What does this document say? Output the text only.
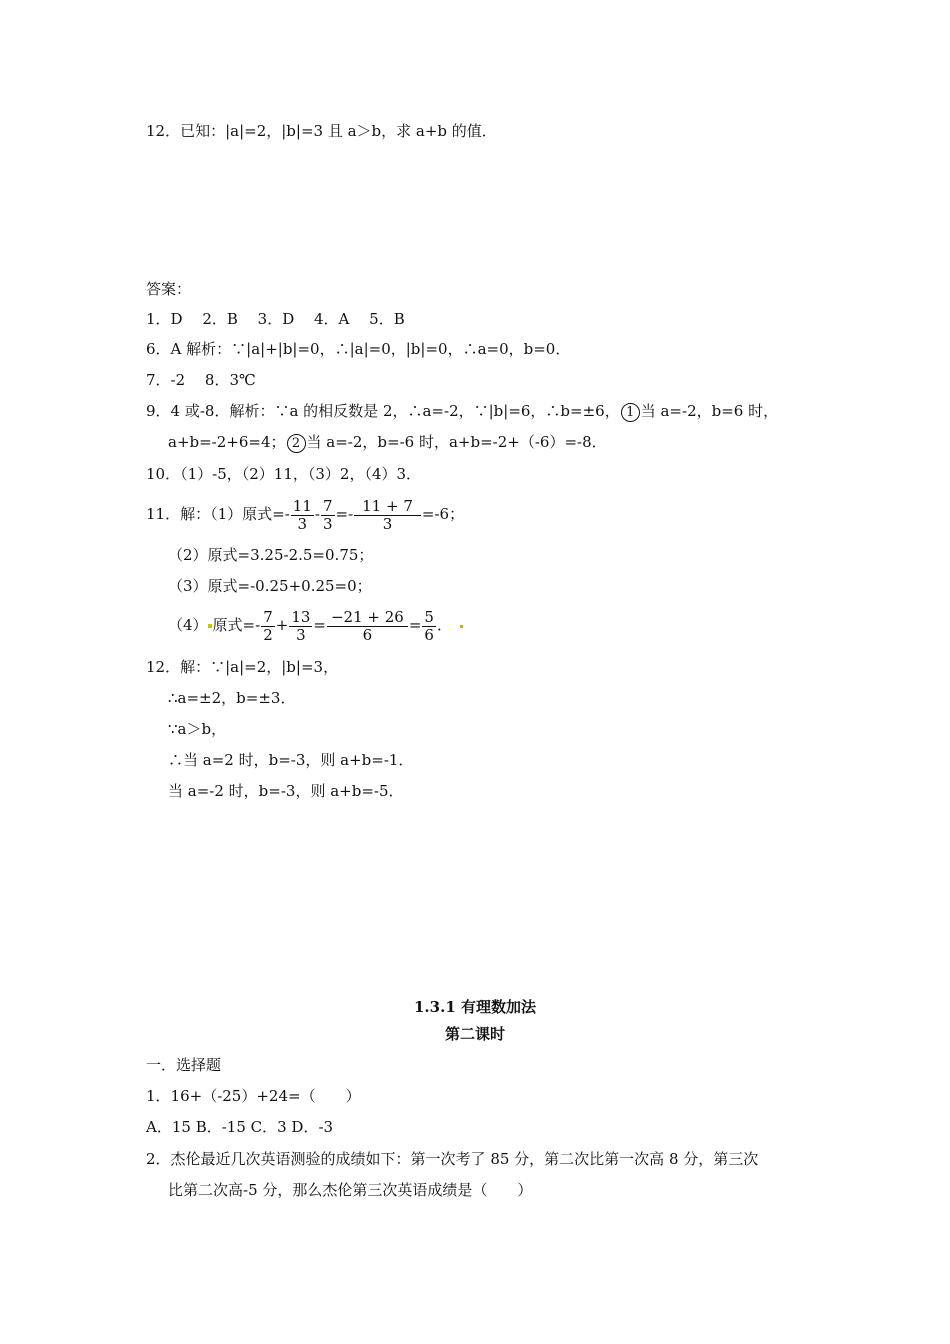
12．已知：|a|=2，|b|=3 且 a＞b，求 a+b 的值．
答案：
1．D　 2．B　 3．D　 4．A　 5．B
6．A 解析：∵|a|+|b|=0，∴|a|=0，|b|=0，∴a=0，b=0．
7．-2　 8．3℃
9．4 或-8．解析：∵a 的相反数是 2，∴a=-2，∵|b|=6，∴b=±6， 1 当 a=-2，b=6 时，
a+b=-2+6=4； 2 当 a=-2，b=-6 时，a+b=-2+（-6）=-8．
10．（1）-5，（2）11，（3）2，（4）3．
11．解：（1）原式=- $\frac{11}{3} - \frac{7}{3} =- \frac{11 + 7}{3} =-6$；
（2）原式=3.25-2.5=0.75；
（3）原式=-0.25+0.25=0；
（4） 原式=- $\frac{7}{2} + \frac{13}{3} = \frac{-21 + 26}{6} = \frac{5}{6}$ ．
12．解：∵|a|=2，|b|=3，
∴a=±2，b=±3．
∵a＞b，
∴当 a=2 时，b=-3，则 a+b=-1．
当 a=-2 时，b=-3，则 a+b=-5．
1.3.1 有理数加法
第二课时
一．选择题
1．16+（-25）+24=（　　）
A．15 B．-15 C．3 D．-3
2．杰伦最近几次英语测验的成绩如下：第一次考了 85 分，第二次比第一次高 8 分，第三次
比第二次高-5 分，那么杰伦第三次英语成绩是（　　）
